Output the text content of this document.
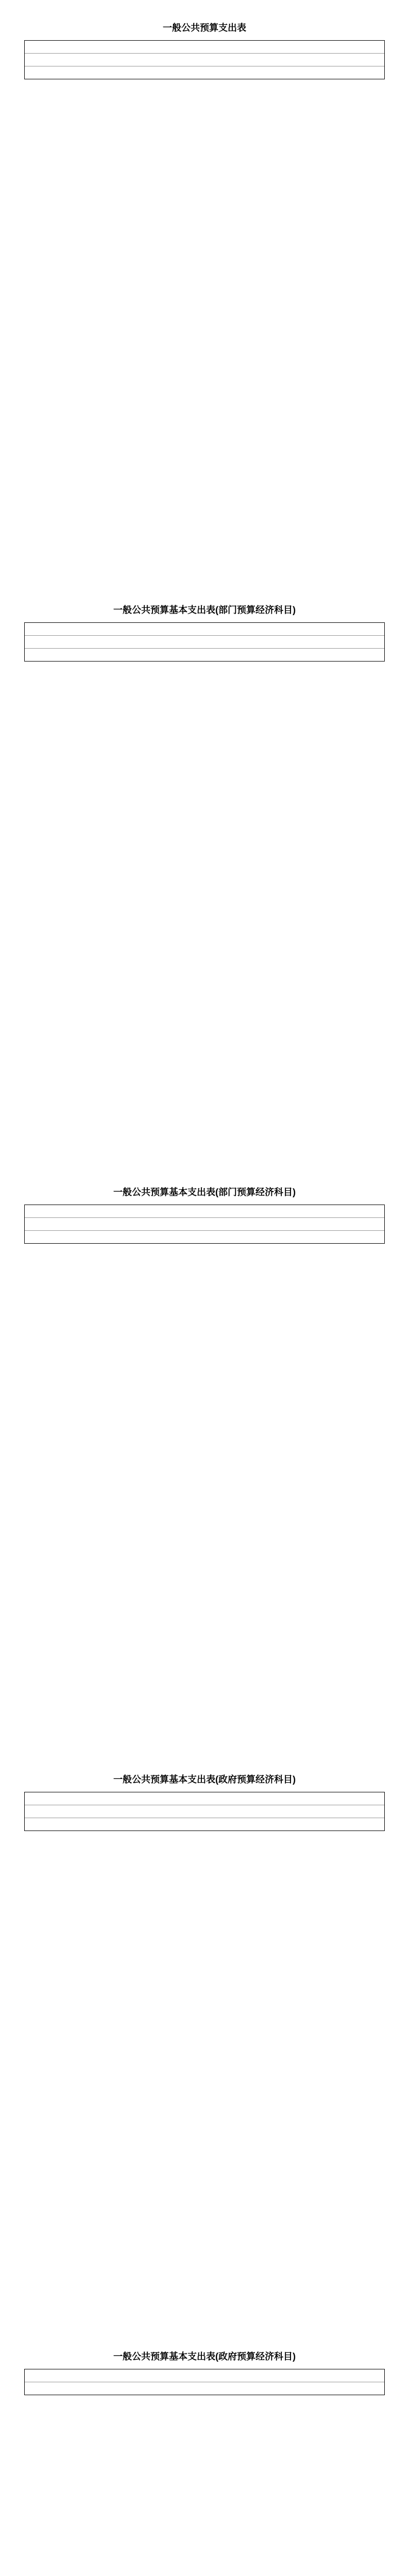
一般公共预算支出表
一般公共预算基本支出表(部门预算经济科目)
一般公共预算基本支出表(部门预算经济科目)
一般公共预算基本支出表(政府预算经济科目)
一般公共预算基本支出表(政府预算经济科目)
